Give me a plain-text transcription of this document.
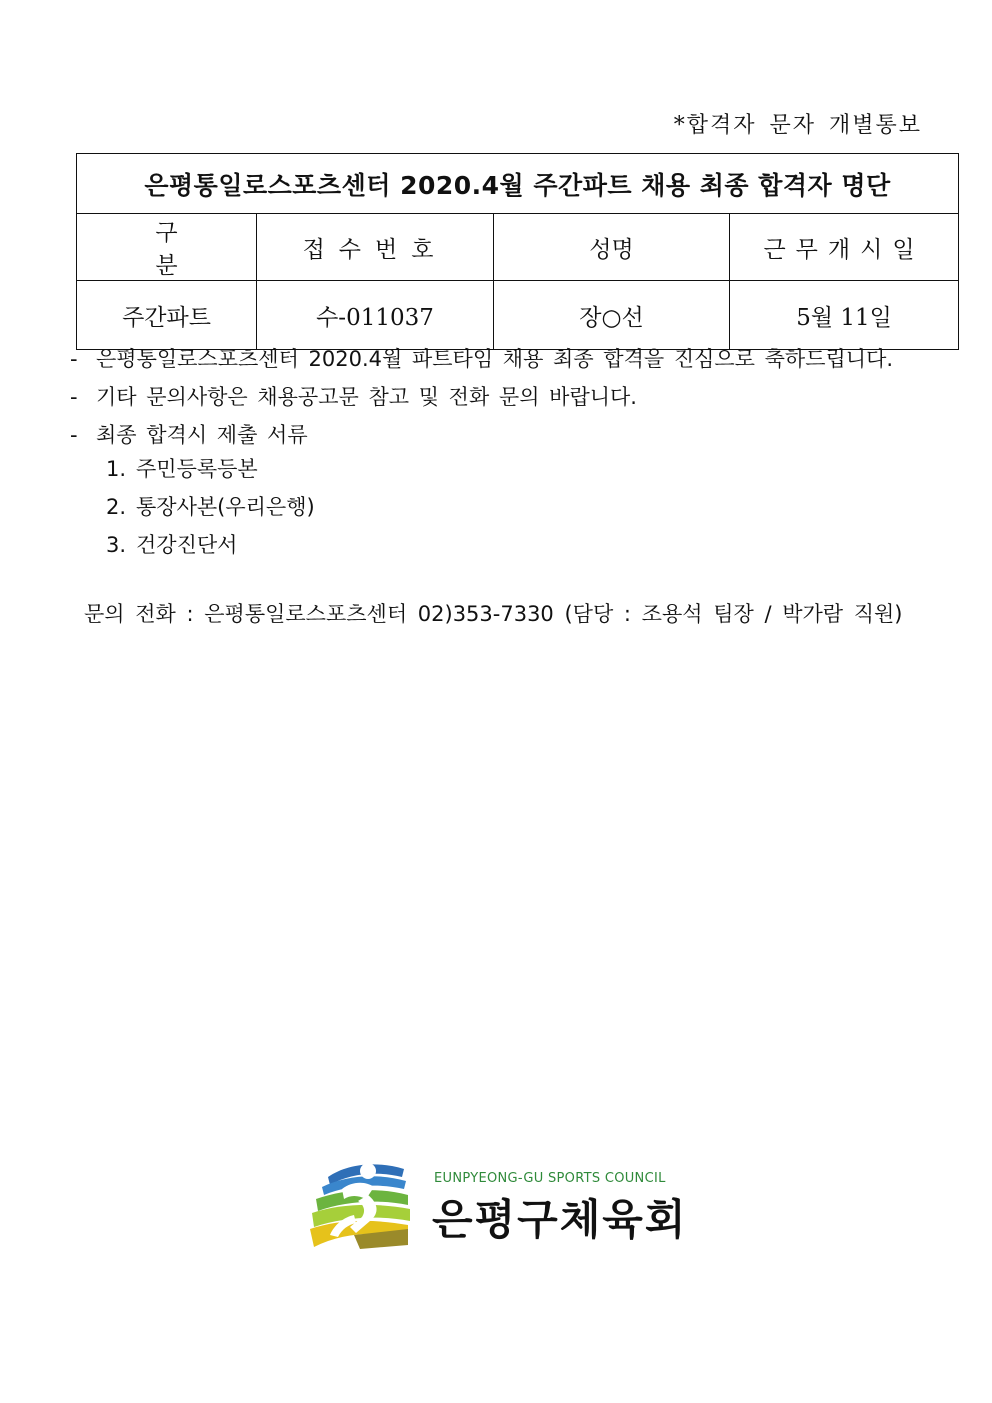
*합격자 문자 개별통보
은평통일로스포츠센터 2020.4월 주간파트 채용 최종 합격자 명단			
구 분	접수번호	성명	근무개시일
주간파트	수-011037	장○선	5월 11일
- 은평통일로스포츠센터 2020.4월 파트타임 채용 최종 합격을 진심으로 축하드립니다.
- 기타 문의사항은 채용공고문 참고 및 전화 문의 바랍니다.
- 최종 합격시 제출 서류
1. 주민등록등본
2. 통장사본(우리은행)
3. 건강진단서
문의 전화 : 은평통일로스포츠센터 02)353-7330 (담당 : 조용석 팀장 / 박가람 직원)
EUNPYEONG-GU SPORTS COUNCIL
은평구체육회
